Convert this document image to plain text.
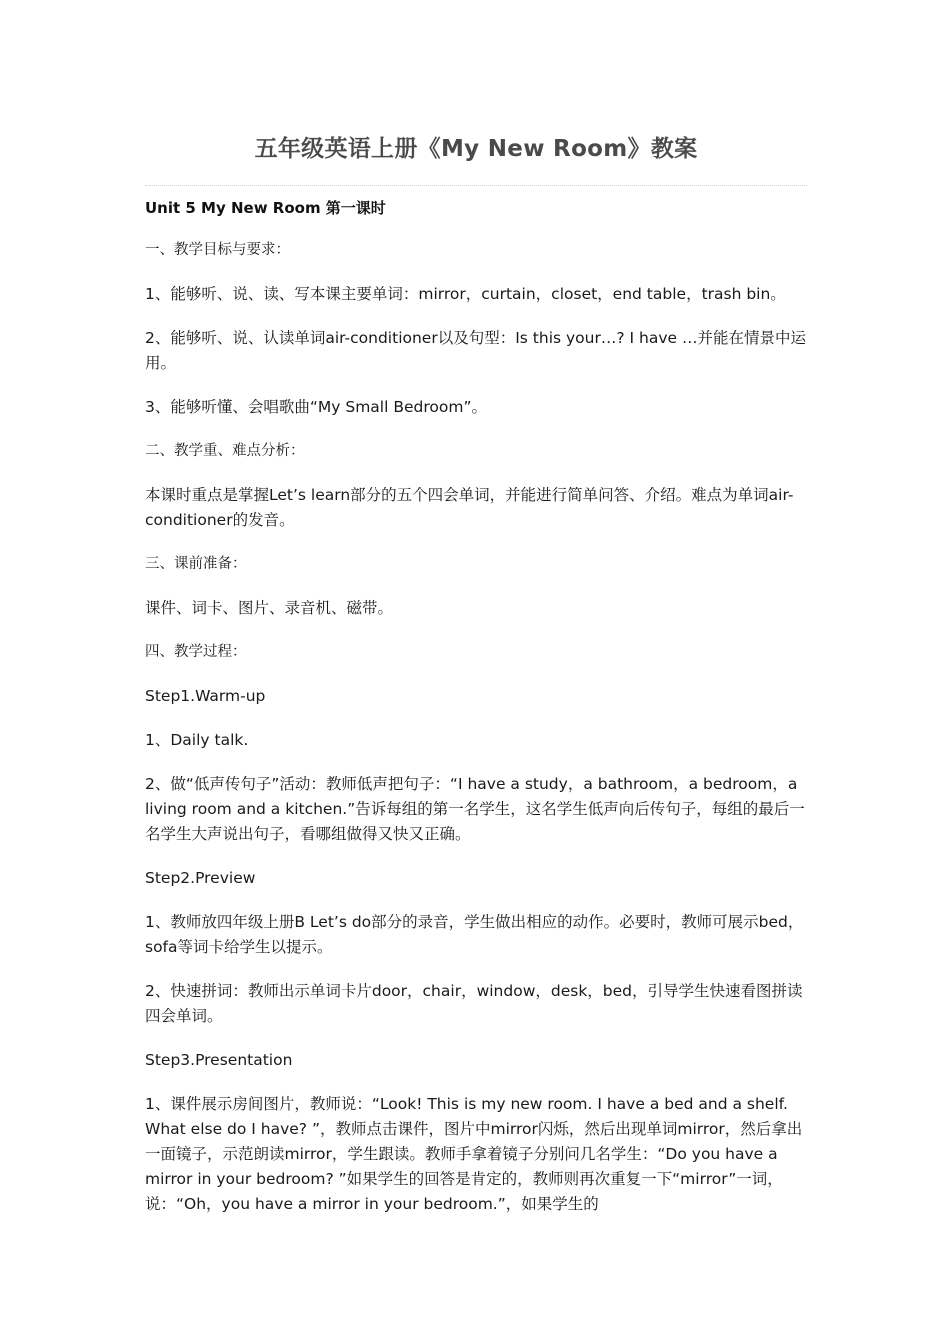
五年级英语上册《My New Room》教案

Unit 5 My New Room 第一课时

一、教学目标与要求：

1、能够听、说、读、写本课主要单词：mirror，curtain，closet，end table，trash bin。

2、能够听、说、认读单词air-conditioner以及句型：Is this your…? I have …并能在情景中运用。

3、能够听懂、会唱歌曲“My Small Bedroom”。

二、教学重、难点分析：

本课时重点是掌握Let’s learn部分的五个四会单词，并能进行简单问答、介绍。难点为单词air-conditioner的发音。

三、课前准备：

课件、词卡、图片、录音机、磁带。

四、教学过程：

Step1.Warm-up

1、Daily talk.

2、做“低声传句子”活动：教师低声把句子：“I have a study，a bathroom，a bedroom，a living room and a kitchen.”告诉每组的第一名学生，这名学生低声向后传句子，每组的最后一名学生大声说出句子，看哪组做得又快又正确。

Step2.Preview

1、教师放四年级上册B Let’s do部分的录音，学生做出相应的动作。必要时，教师可展示bed，sofa等词卡给学生以提示。

2、快速拼词：教师出示单词卡片door，chair，window，desk，bed，引导学生快速看图拼读四会单词。

Step3.Presentation

1、课件展示房间图片，教师说：“Look! This is my new room. I have a bed and a shelf. What else do I have? ”，教师点击课件，图片中mirror闪烁，然后出现单词mirror，然后拿出一面镜子，示范朗读mirror，学生跟读。教师手拿着镜子分别问几名学生：“Do you have a mirror in your bedroom? ”如果学生的回答是肯定的，教师则再次重复一下“mirror”一词，说：“Oh，you have a mirror in your bedroom.”，如果学生的
